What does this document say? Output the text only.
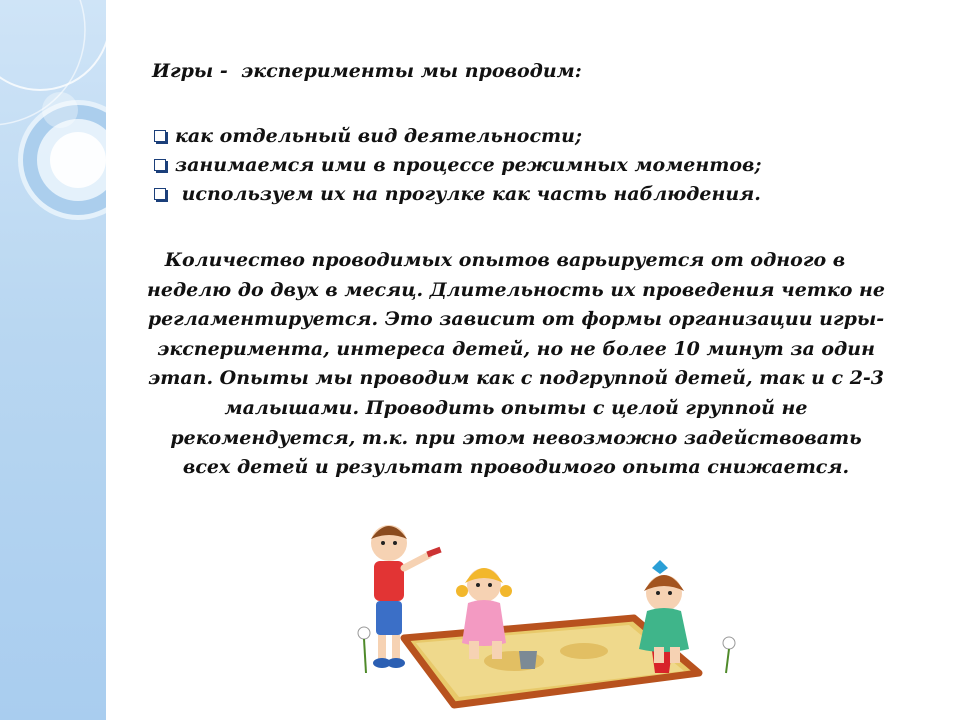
Игры -  эксперименты мы проводим:

как отдельный вид деятельности;
занимаемся ими в процессе режимных моментов;
используем их на прогулке как часть наблюдения.

Количество проводимых опытов варьируется от одного в неделю до двух в месяц. Длительность их проведения четко не регламентируется. Это зависит от формы организации игры-эксперимента, интереса детей, но не более 10 минут за один этап. Опыты мы проводим как с подгруппой детей, так и с 2-3 малышами. Проводить опыты с целой группой не рекомендуется, т.к. при этом невозможно задействовать всех детей и результат проводимого опыта снижается.
